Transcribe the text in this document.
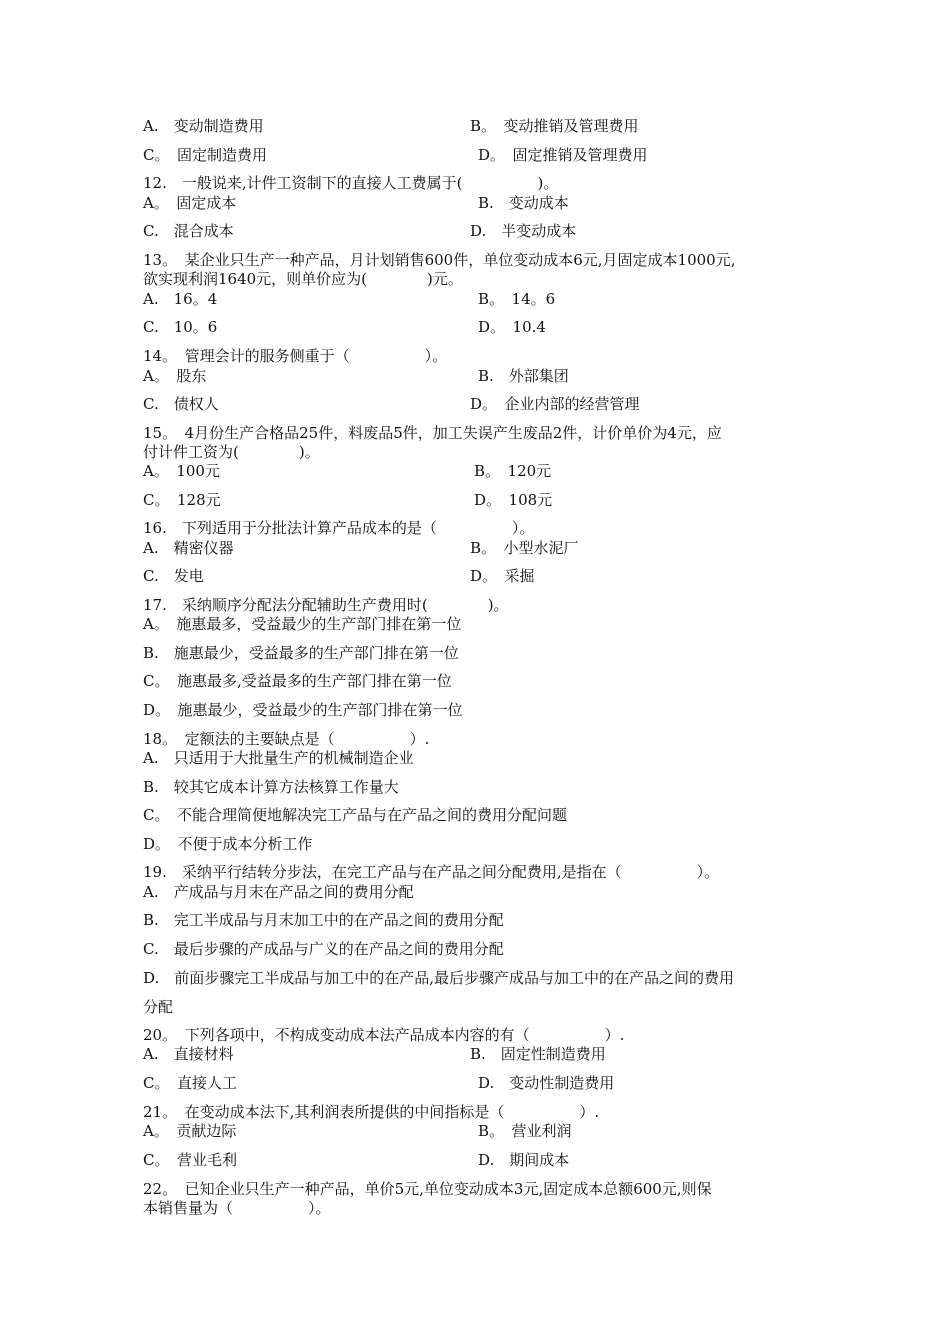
A.　变动制造费用	B。　变动推销及管理费用
C。　固定制造费用	D。　固定推销及管理费用
12.　一般说来,计件工资制下的直接人工费属于(　　　　　)。
A。　固定成本	B.　变动成本
C.　混合成本	D.　半变动成本
13。　某企业只生产一种产品，月计划销售600件，单位变动成本6元,月固定成本1000元,
欲实现利润1640元，则单价应为(　　　　)元。
A.　16。4	B。　14。6
C.　10。6	D。　10.4
14。　管理会计的服务侧重于（　　　　　）。
A。　股东	B.　外部集团
C.　债权人	D。　企业内部的经营管理
15。　4月份生产合格品25件，料废品5件，加工失误产生废品2件，计价单价为4元，应
付计件工资为(　　　　)。
A。　100元	B。　120元
C。　128元	D。　108元
16.　下列适用于分批法计算产品成本的是（　　　　　）。
A.　精密仪器	B。　小型水泥厂
C.　发电	D。　采掘
17.　采纳顺序分配法分配辅助生产费用时(　　　　)。
A。　施惠最多，受益最少的生产部门排在第一位
B.　施惠最少，受益最多的生产部门排在第一位
C。　施惠最多,受益最多的生产部门排在第一位
D。　施惠最少，受益最少的生产部门排在第一位
18。　定额法的主要缺点是（　　　　　）.
A.　只适用于大批量生产的机械制造企业
B.　较其它成本计算方法核算工作量大
C。　不能合理简便地解决完工产品与在产品之间的费用分配问题
D。　不便于成本分析工作
19.　采纳平行结转分步法，在完工产品与在产品之间分配费用,是指在（　　　　　）。
A.　产成品与月末在产品之间的费用分配
B.　完工半成品与月末加工中的在产品之间的费用分配
C.　最后步骤的产成品与广义的在产品之间的费用分配
D.　前面步骤完工半成品与加工中的在产品,最后步骤产成品与加工中的在产品之间的费用
分配
20。　下列各项中，不构成变动成本法产品成本内容的有（　　　　　）.
A.　直接材料	B.　固定性制造费用
C。　直接人工	D.　变动性制造费用
21。　在变动成本法下,其利润表所提供的中间指标是（　　　　　）.
A。　贡献边际	B。　营业利润
C。　营业毛利	D.　期间成本
22。　已知企业只生产一种产品，单价5元,单位变动成本3元,固定成本总额600元,则保
本销售量为（　　　　　）。
